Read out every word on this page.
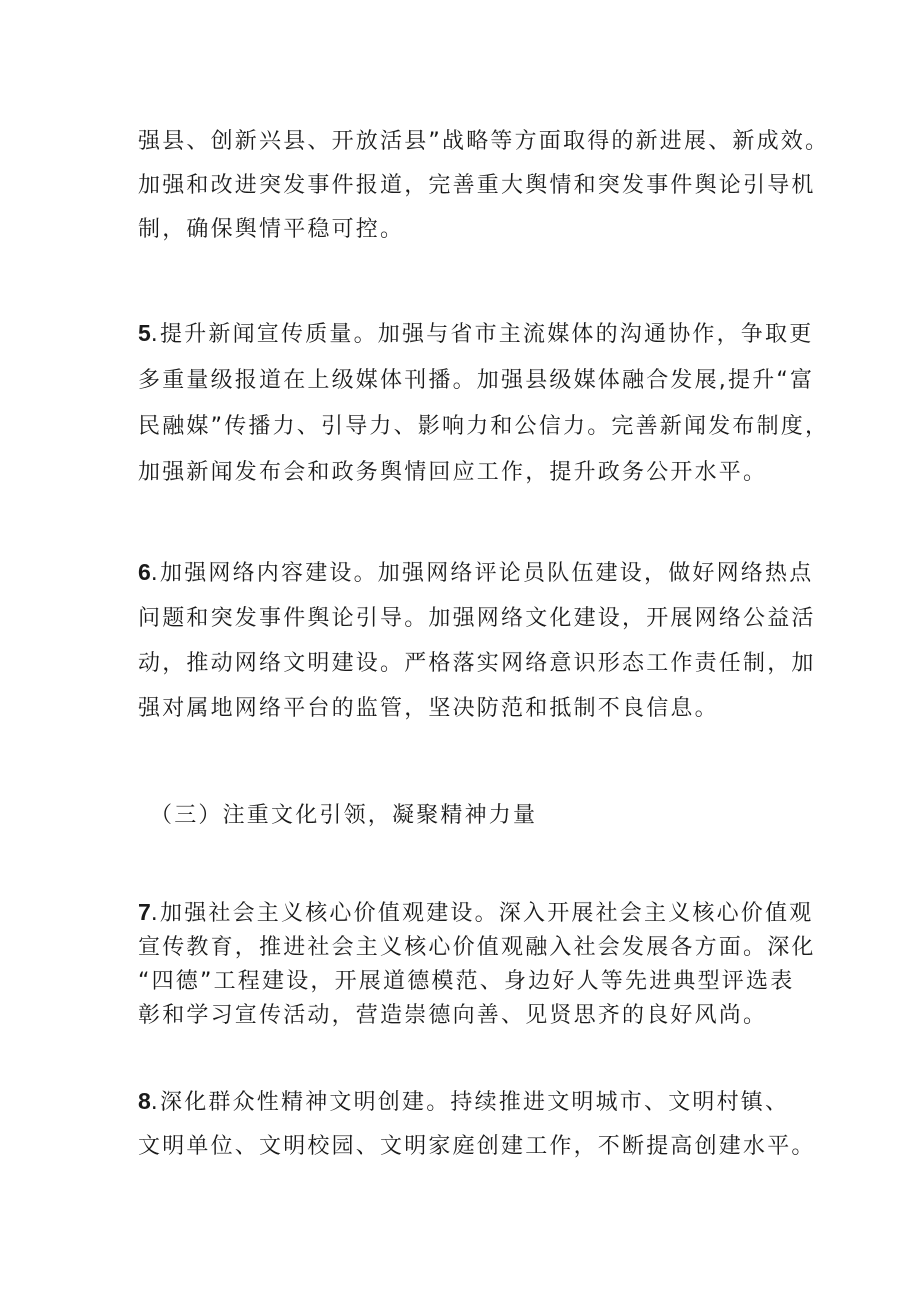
强县、创新兴县、开放活县”战略等方面取得的新进展、新成效。
加强和改进突发事件报道，完善重大舆情和突发事件舆论引导机
制，确保舆情平稳可控。
5.提升新闻宣传质量。加强与省市主流媒体的沟通协作，争取更
多重量级报道在上级媒体刊播。加强县级媒体融合发展,提升“富
民融媒”传播力、引导力、影响力和公信力。完善新闻发布制度，
加强新闻发布会和政务舆情回应工作，提升政务公开水平。
6.加强网络内容建设。加强网络评论员队伍建设，做好网络热点
问题和突发事件舆论引导。加强网络文化建设，开展网络公益活
动，推动网络文明建设。严格落实网络意识形态工作责任制，加
强对属地网络平台的监管，坚决防范和抵制不良信息。
（三）注重文化引领，凝聚精神力量
7.加强社会主义核心价值观建设。深入开展社会主义核心价值观
宣传教育，推进社会主义核心价值观融入社会发展各方面。深化
“四德”工程建设，开展道德模范、身边好人等先进典型评选表
彰和学习宣传活动，营造崇德向善、见贤思齐的良好风尚。
8.深化群众性精神文明创建。持续推进文明城市、文明村镇、
文明单位、文明校园、文明家庭创建工作，不断提高创建水平。
